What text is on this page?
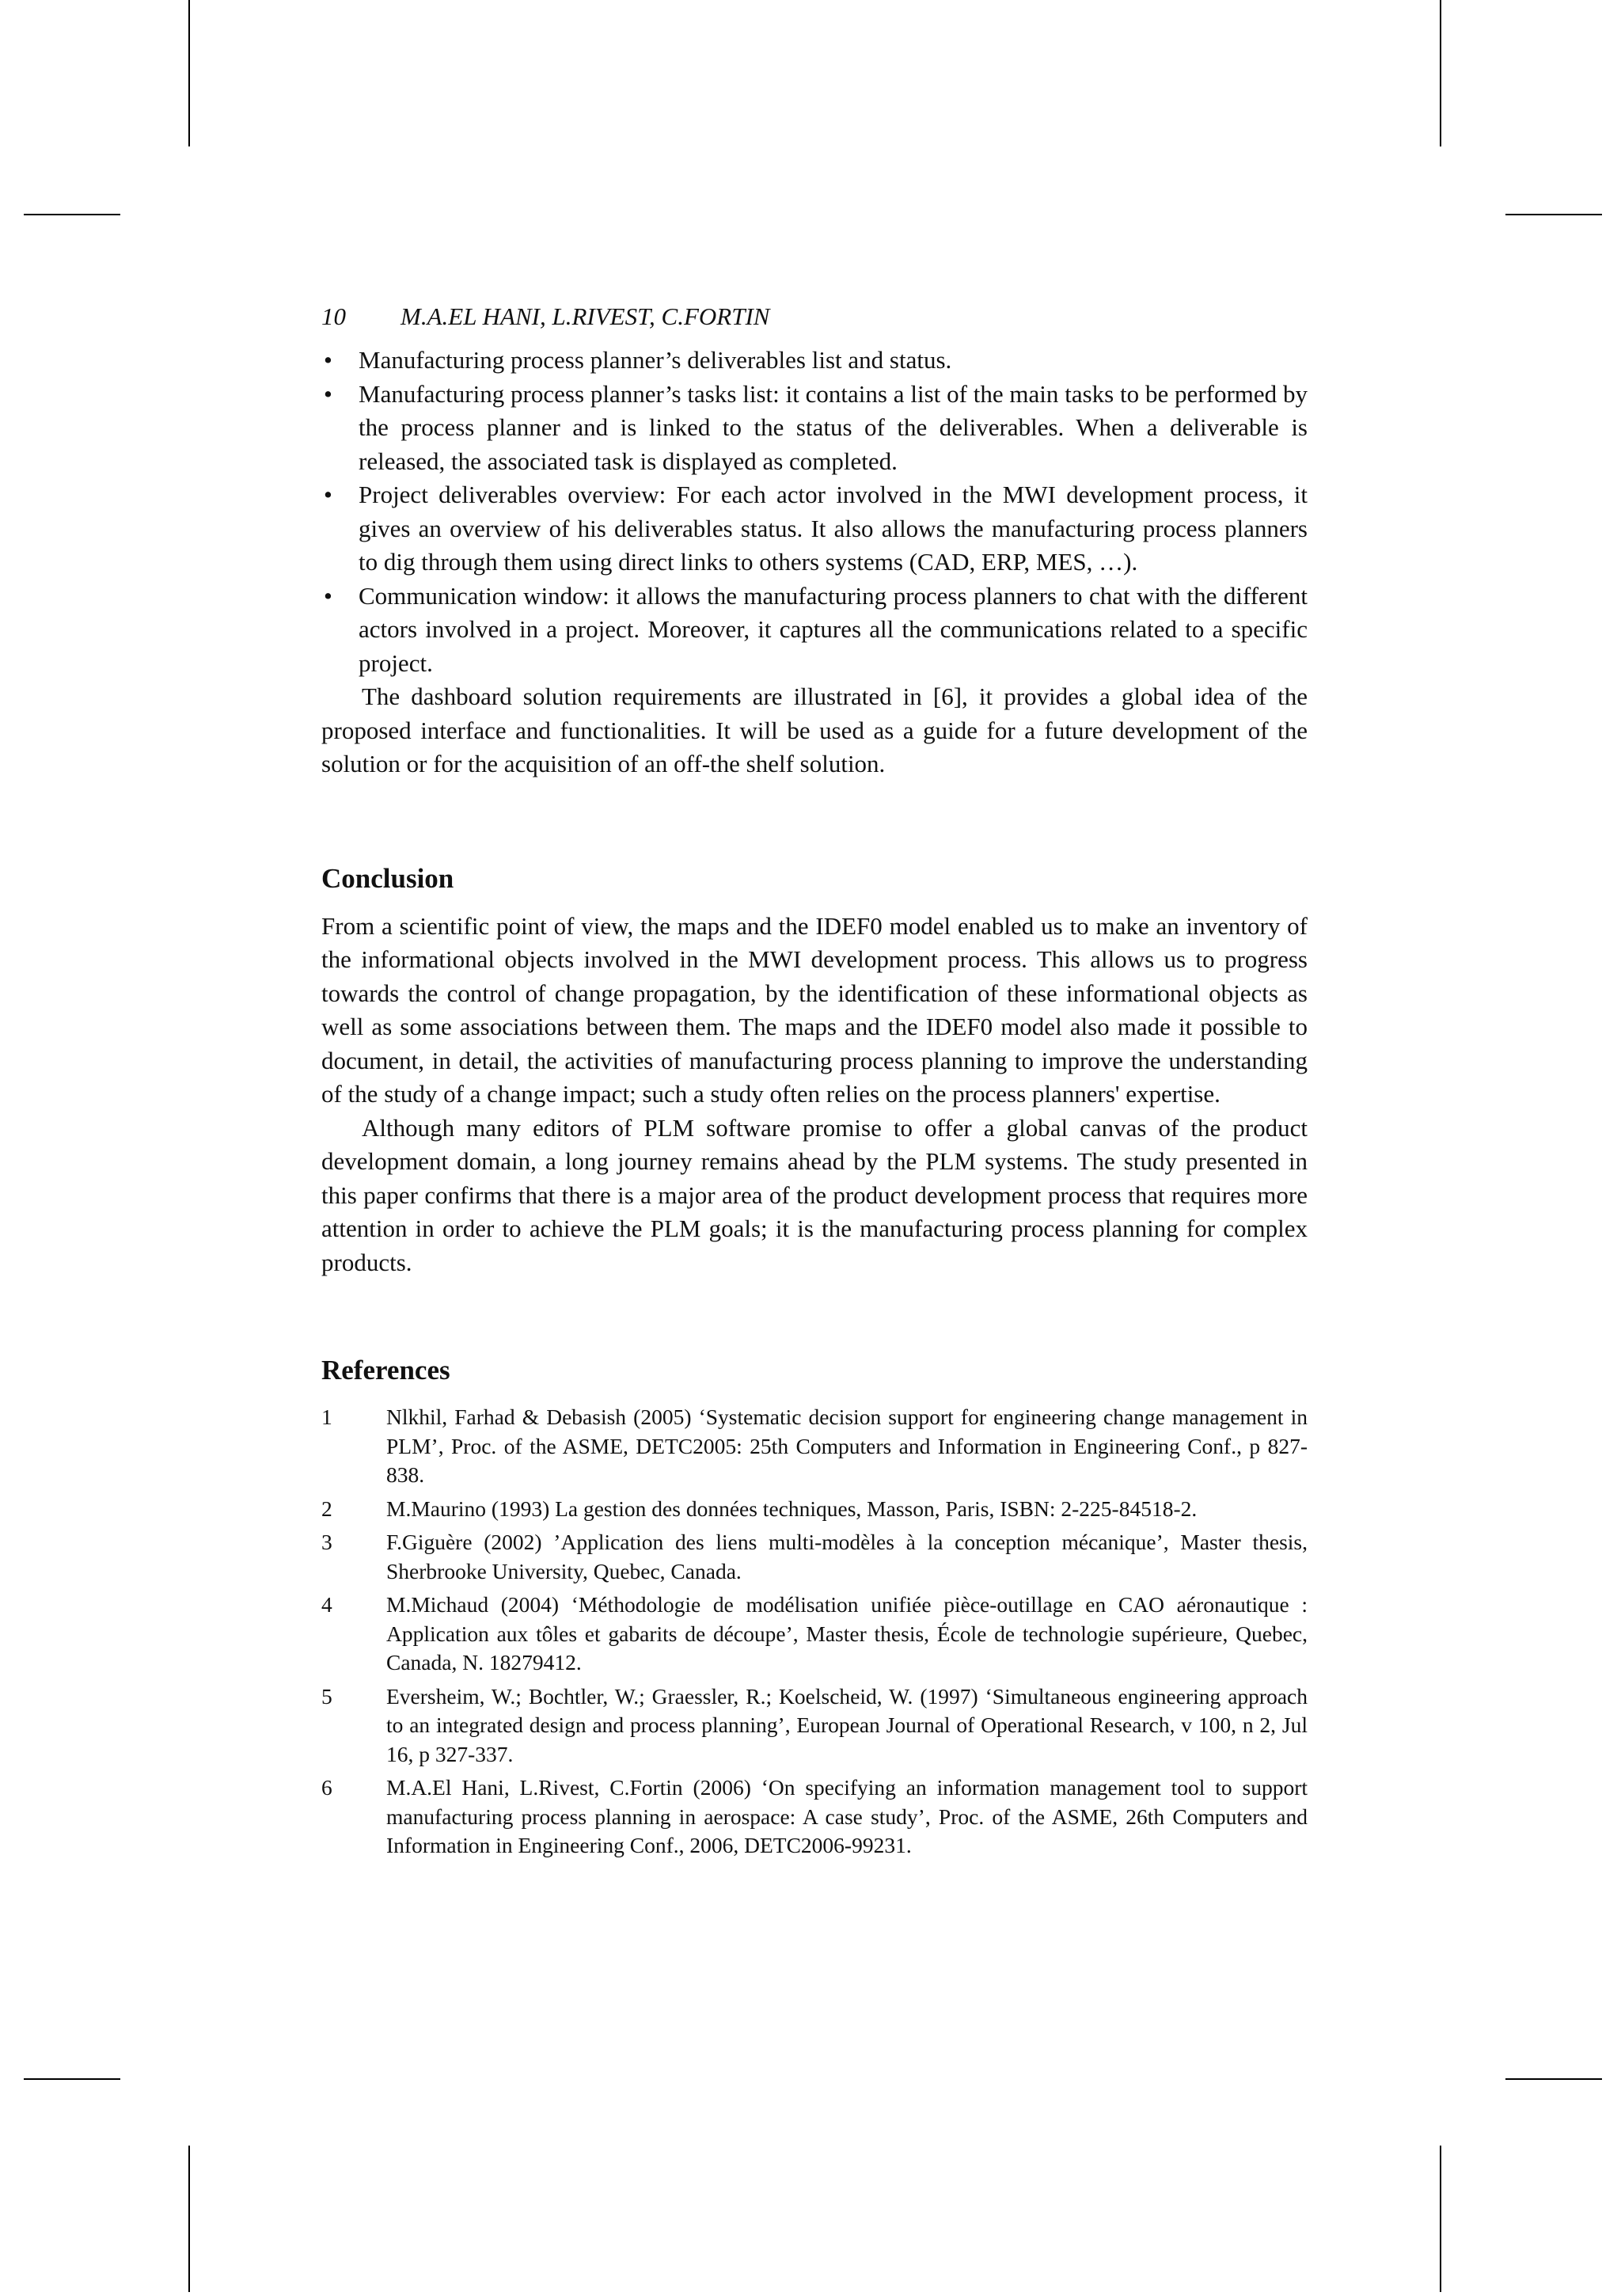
10 M.A.EL HANI, L.RIVEST, C.FORTIN
• Manufacturing process planner’s deliverables list and status.
• Manufacturing process planner’s tasks list: it contains a list of the main tasks to be performed by the process planner and is linked to the status of the deliverables. When a deliverable is released, the associated task is displayed as completed.
• Project deliverables overview: For each actor involved in the MWI development process, it gives an overview of his deliverables status. It also allows the manufacturing process planners to dig through them using direct links to others systems (CAD, ERP, MES, …).
• Communication window: it allows the manufacturing process planners to chat with the different actors involved in a project. Moreover, it captures all the communications related to a specific project.

The dashboard solution requirements are illustrated in [6], it provides a global idea of the proposed interface and functionalities. It will be used as a guide for a future development of the solution or for the acquisition of an off-the shelf solution.

Conclusion

From a scientific point of view, the maps and the IDEF0 model enabled us to make an inventory of the informational objects involved in the MWI development process. This allows us to progress towards the control of change propagation, by the identification of these informational objects as well as some associations between them. The maps and the IDEF0 model also made it possible to document, in detail, the activities of manufacturing process planning to improve the understanding of the study of a change impact; such a study often relies on the process planners' expertise.

Although many editors of PLM software promise to offer a global canvas of the product development domain, a long journey remains ahead by the PLM systems. The study presented in this paper confirms that there is a major area of the product development process that requires more attention in order to achieve the PLM goals; it is the manufacturing process planning for complex products.

References
1 Nlkhil, Farhad & Debasish (2005) ‘Systematic decision support for engineering change management in PLM’, Proc. of the ASME, DETC2005: 25th Computers and Information in Engineering Conf., p 827-838.
2 M.Maurino (1993) La gestion des données techniques, Masson, Paris, ISBN: 2-225-84518-2.
3 F.Giguère (2002) ’Application des liens multi-modèles à la conception mécanique’, Master thesis, Sherbrooke University, Quebec, Canada.
4 M.Michaud (2004) ‘Méthodologie de modélisation unifiée pièce-outillage en CAO aéronautique : Application aux tôles et gabarits de découpe’, Master thesis, École de technologie supérieure, Quebec, Canada, N. 18279412.
5 Eversheim, W.; Bochtler, W.; Graessler, R.; Koelscheid, W. (1997) ‘Simultaneous engineering approach to an integrated design and process planning’, European Journal of Operational Research, v 100, n 2, Jul 16, p 327-337.
6 M.A.El Hani, L.Rivest, C.Fortin (2006) ‘On specifying an information management tool to support manufacturing process planning in aerospace: A case study’, Proc. of the ASME, 26th Computers and Information in Engineering Conf., 2006, DETC2006-99231.
